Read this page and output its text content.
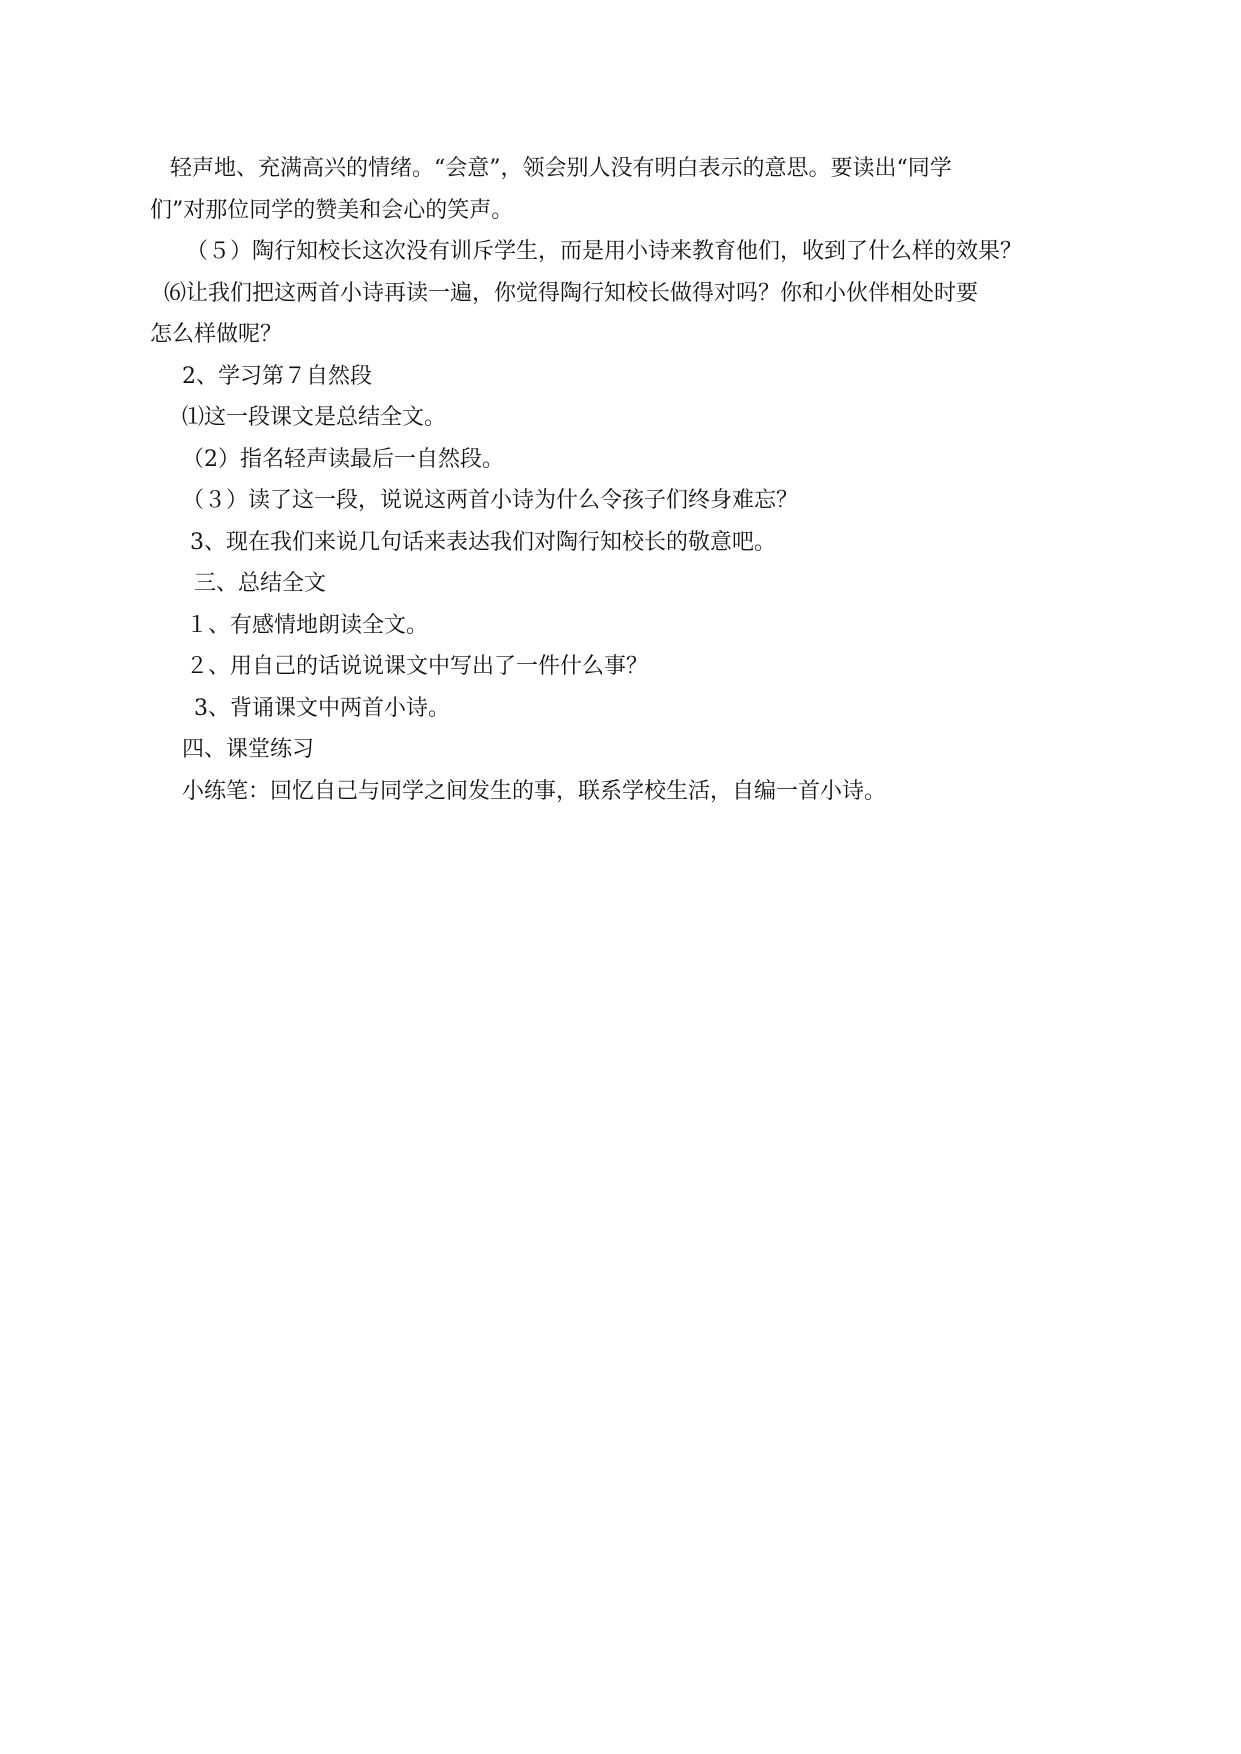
轻声地、充满高兴的情绪。“会意”，领会别人没有明白表示的意思。要读出“同学
们”对那位同学的赞美和会心的笑声。
（５）陶行知校长这次没有训斥学生，而是用小诗来教育他们，收到了什么样的效果？
⑹让我们把这两首小诗再读一遍，你觉得陶行知校长做得对吗？你和小伙伴相处时要
怎么样做呢？
2、学习第７自然段
⑴这一段课文是总结全文。
（2）指名轻声读最后一自然段。
（３）读了这一段，说说这两首小诗为什么令孩子们终身难忘？
3、现在我们来说几句话来表达我们对陶行知校长的敬意吧。
三、总结全文
１、有感情地朗读全文。
２、用自己的话说说课文中写出了一件什么事？
3、背诵课文中两首小诗。
四、课堂练习
小练笔：回忆自己与同学之间发生的事，联系学校生活，自编一首小诗。
